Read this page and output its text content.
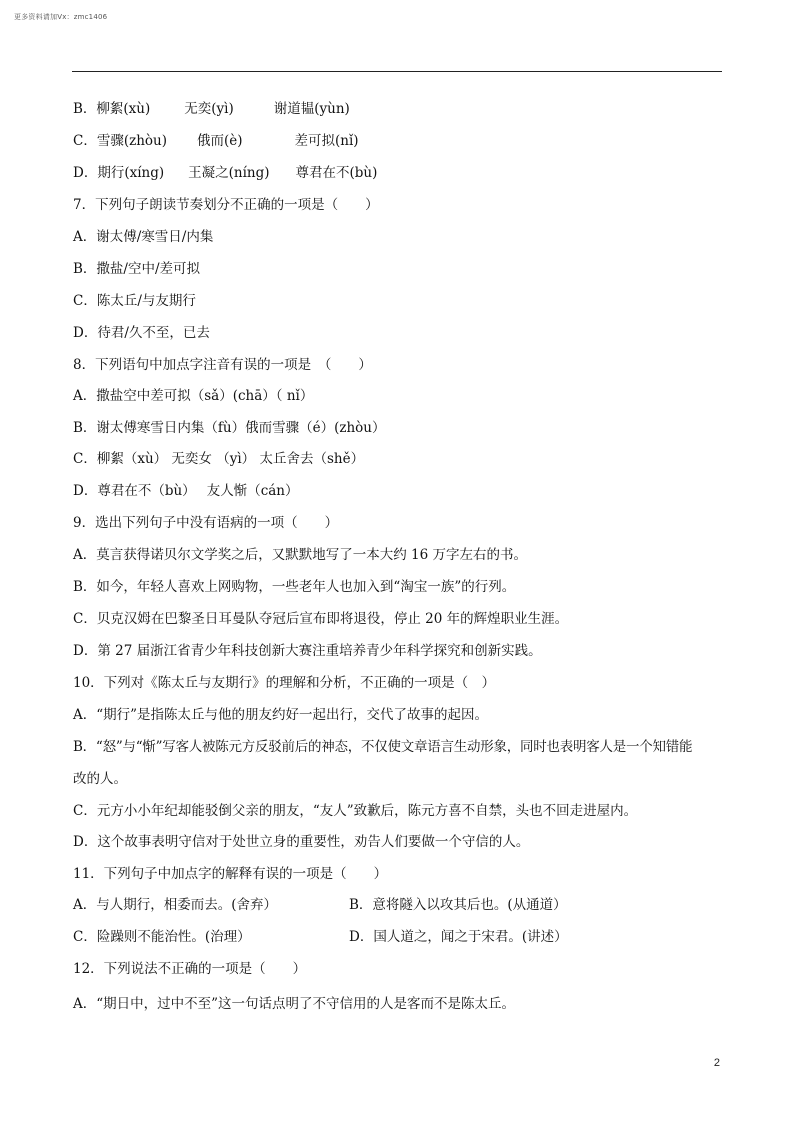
更多资料请加Vx：zmc1406
B．柳絮(xù)	无奕(yì)	谢道韫(yùn)
C．雪骤(zhòu) 俄而(è)	差可拟(nǐ)
D．期行(xíng) 王凝之(níng) 尊君在不(bù)
7．下列句子朗读节奏划分不正确的一项是（　　）
A．谢太傅/寒雪日/内集
B．撒盐/空中/差可拟
C．陈太丘/与友期行
D．待君/久不至，已去
8．下列语句中加点字注音有误的一项是　（　　）
A．撒盐空中差可拟（sǎ）(chā）（ nǐ）
B．谢太傅寒雪日内集（fù）俄而雪骤（é）(zhòu）
C．柳絮（xù） 无奕女 （yì） 太丘舍去（shě）
D．尊君在不（bù）　 友人惭（cán）
9．选出下列句子中没有语病的一项（　　）
A．莫言获得诺贝尔文学奖之后，又默默地写了一本大约 16 万字左右的书。
B．如今，年轻人喜欢上网购物，一些老年人也加入到“淘宝一族”的行列。
C．贝克汉姆在巴黎圣日耳曼队夺冠后宣布即将退役，停止 20 年的辉煌职业生涯。
D．第 27 届浙江省青少年科技创新大赛注重培养青少年科学探究和创新实践。
10．下列对《陈太丘与友期行》的理解和分析，不正确的一项是（　）
A．“期行”是指陈太丘与他的朋友约好一起出行，交代了故事的起因。
B．“怒”与“惭”写客人被陈元方反驳前后的神态，不仅使文章语言生动形象，同时也表明客人是一个知错能
改的人。
C．元方小小年纪却能驳倒父亲的朋友，“友人”致歉后，陈元方喜不自禁，头也不回走进屋内。
D．这个故事表明守信对于处世立身的重要性，劝告人们要做一个守信的人。
11．下列句子中加点字的解释有误的一项是（　　）
A．与人期行，相委而去。(舍弃）	B．意将隧入以攻其后也。(从通道）
C．险躁则不能治性。(治理）	D．国人道之，闻之于宋君。(讲述）
12．下列说法不正确的一项是（　　）
A．“期日中，过中不至”这一句话点明了不守信用的人是客而不是陈太丘。
2
